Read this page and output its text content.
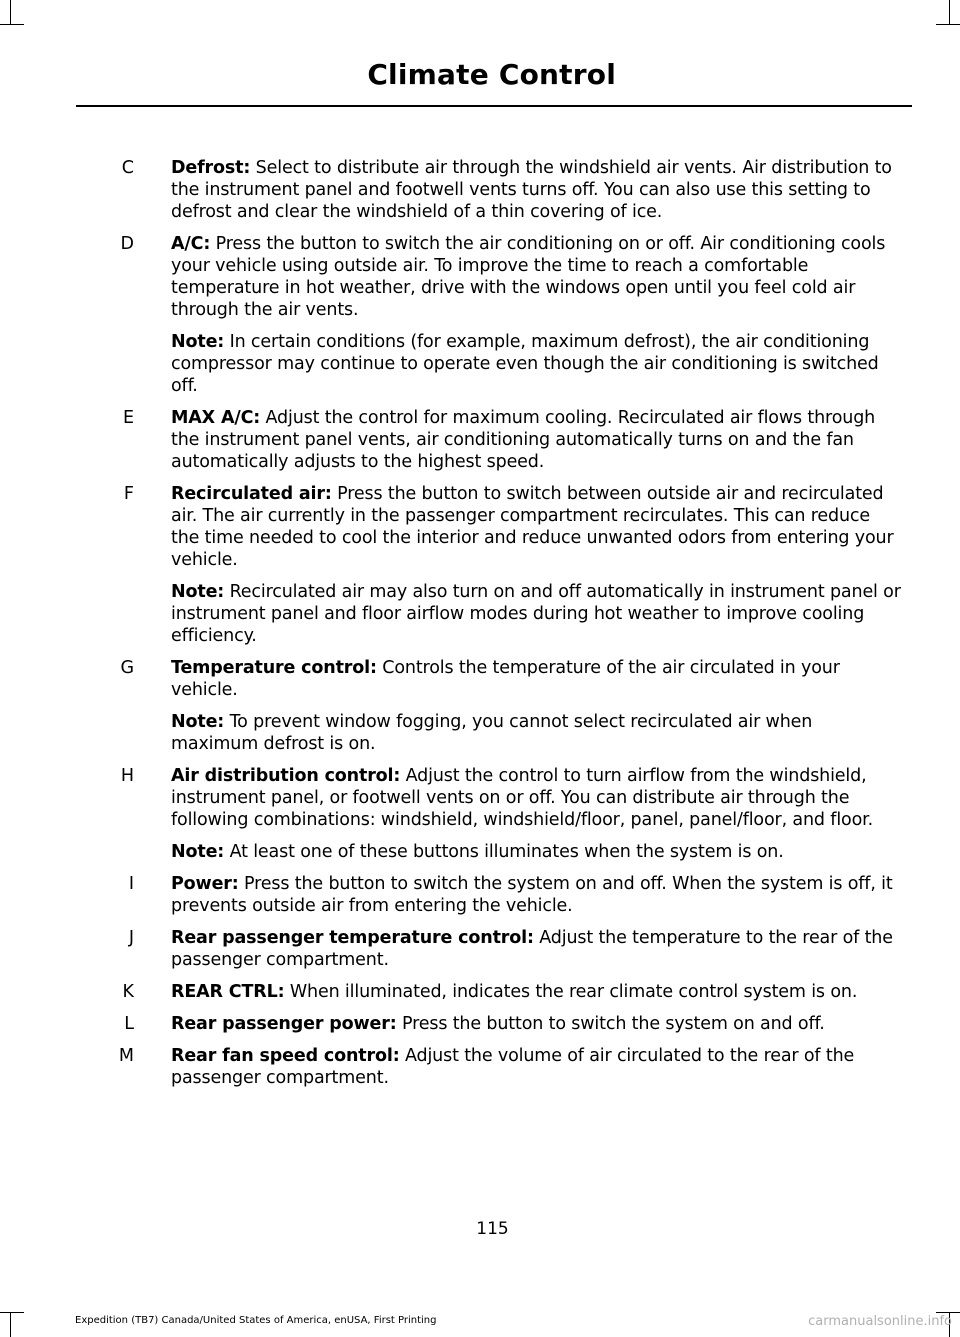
Climate Control
C Defrost: Select to distribute air through the windshield air vents. Air distribution to the instrument panel and footwell vents turns off. You can also use this setting to defrost and clear the windshield of a thin covering of ice.
D A/C: Press the button to switch the air conditioning on or off. Air conditioning cools your vehicle using outside air. To improve the time to reach a comfortable temperature in hot weather, drive with the windows open until you feel cold air through the air vents.
Note: In certain conditions (for example, maximum defrost), the air conditioning compressor may continue to operate even though the air conditioning is switched off.
E MAX A/C: Adjust the control for maximum cooling. Recirculated air flows through the instrument panel vents, air conditioning automatically turns on and the fan automatically adjusts to the highest speed.
F Recirculated air: Press the button to switch between outside air and recirculated air. The air currently in the passenger compartment recirculates. This can reduce the time needed to cool the interior and reduce unwanted odors from entering your vehicle.
Note: Recirculated air may also turn on and off automatically in instrument panel or instrument panel and floor airflow modes during hot weather to improve cooling efficiency.
G Temperature control: Controls the temperature of the air circulated in your vehicle.
Note: To prevent window fogging, you cannot select recirculated air when maximum defrost is on.
H Air distribution control: Adjust the control to turn airflow from the windshield, instrument panel, or footwell vents on or off. You can distribute air through the following combinations: windshield, windshield/floor, panel, panel/floor, and floor.
Note: At least one of these buttons illuminates when the system is on.
I Power: Press the button to switch the system on and off. When the system is off, it prevents outside air from entering the vehicle.
J Rear passenger temperature control: Adjust the temperature to the rear of the passenger compartment.
K REAR CTRL: When illuminated, indicates the rear climate control system is on.
L Rear passenger power: Press the button to switch the system on and off.
M Rear fan speed control: Adjust the volume of air circulated to the rear of the passenger compartment.
115
Expedition (TB7) Canada/United States of America, enUSA, First Printing	carmanualsonline.info
